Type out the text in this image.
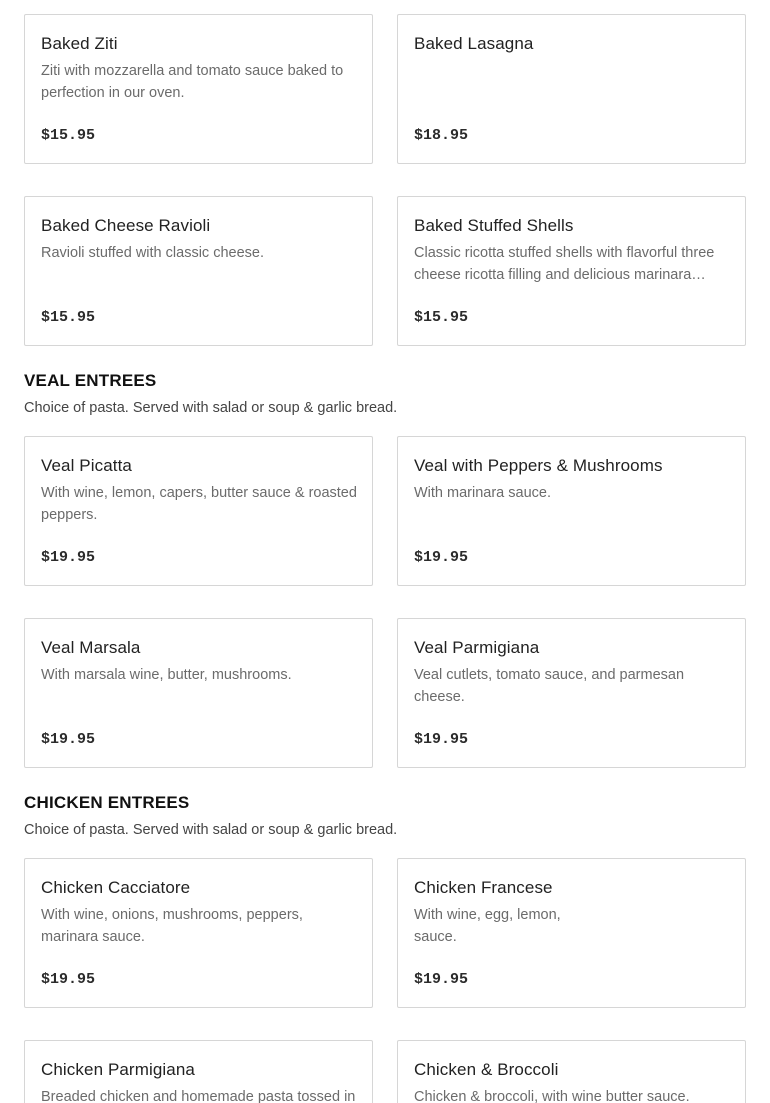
Baked Ziti
Ziti with mozzarella and tomato sauce baked to perfection in our oven.
$15.95
Baked Lasagna
$18.95
Baked Cheese Ravioli
Ravioli stuffed with classic cheese.
$15.95
Baked Stuffed Shells
Classic ricotta stuffed shells with flavorful three cheese ricotta filling and delicious marinara…
$15.95
VEAL ENTREES
Choice of pasta. Served with salad or soup & garlic bread.
Veal Picatta
With wine, lemon, capers, butter sauce & roasted peppers.
$19.95
Veal with Peppers & Mushrooms
With marinara sauce.
$19.95
Veal Marsala
With marsala wine, butter, mushrooms.
$19.95
Veal Parmigiana
Veal cutlets, tomato sauce, and parmesan cheese.
$19.95
CHICKEN ENTREES
Choice of pasta. Served with salad or soup & garlic bread.
Chicken Cacciatore
With wine, onions, mushrooms, peppers, marinara sauce.
$19.95
Chicken Francese
With wine, egg, lemon, sauce.
$19.95
Chicken Parmigiana
Breaded chicken and homemade pasta tossed in
Chicken & Broccoli
Chicken & broccoli, with wine butter sauce.
